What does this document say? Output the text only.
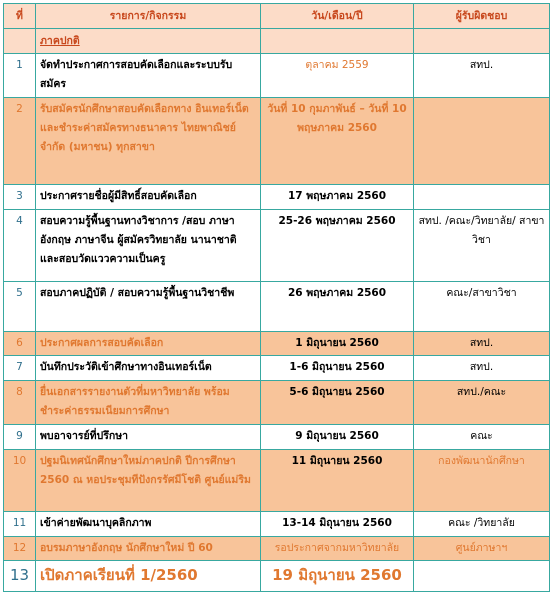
ที่	รายการ/กิจกรรม	วัน/เดือน/ปี	ผู้รับผิดชอบ
	ภาคปกติ		
1	จัดทำประกาศการสอบคัดเลือกและระบบรับ สมัคร	ตุลาคม 2559	สทป.
2	รับสมัครนักศึกษาสอบคัดเลือกทาง อินเทอร์เน็ต และชำระค่าสมัครทางธนาคาร ไทยพาณิชย์ จำกัด (มหาชน) ทุกสาขา	วันที่ 10 กุมภาพันธ์ – วันที่ 10 พฤษภาคม 2560	
3	ประกาศรายชื่อผู้มีสิทธิ์สอบคัดเลือก	17 พฤษภาคม 2560	
4	สอบความรู้พื้นฐานทางวิชาการ /สอบ ภาษาอังกฤษ ภาษาจีน ผู้สมัครวิทยาลัย นานาชาติ และสอบวัดแววความเป็นครู	25-26 พฤษภาคม 2560	สทป. /คณะ/วิทยาลัย/ สาขาวิชา
5	สอบภาคปฏิบัติ / สอบความรู้พื้นฐานวิชาชีพ	26 พฤษภาคม 2560	คณะ/สาขาวิชา
6	ประกาศผลการสอบคัดเลือก	1 มิถุนายน 2560	สทป.
7	บันทึกประวัติเข้าศึกษาทางอินเทอร์เน็ต	1-6 มิถุนายน 2560	สทป.
8	ยื่นเอกสารรายงานตัวที่มหาวิทยาลัย พร้อม ชำระค่าธรรมเนียมการศึกษา	5-6 มิถุนายน 2560	สทป./คณะ
9	พบอาจารย์ที่ปรึกษา	9 มิถุนายน 2560	คณะ
10	ปฐมนิเทศนักศึกษาใหม่ภาคปกติ ปีการศึกษา 2560 ณ หอประชุมทีปังกรรัศมีโชติ ศูนย์แม่ริม	11 มิถุนายน 2560	กองพัฒนานักศึกษา
11	เข้าค่ายพัฒนาบุคลิกภาพ	13-14 มิถุนายน 2560	คณะ /วิทยาลัย
12	อบรมภาษาอังกฤษ นักศึกษาใหม่ ปี 60	รอประกาศจากมหาวิทยาลัย	ศูนย์ภาษาฯ
13	เปิดภาคเรียนที่ 1/2560	19 มิถุนายน 2560	
